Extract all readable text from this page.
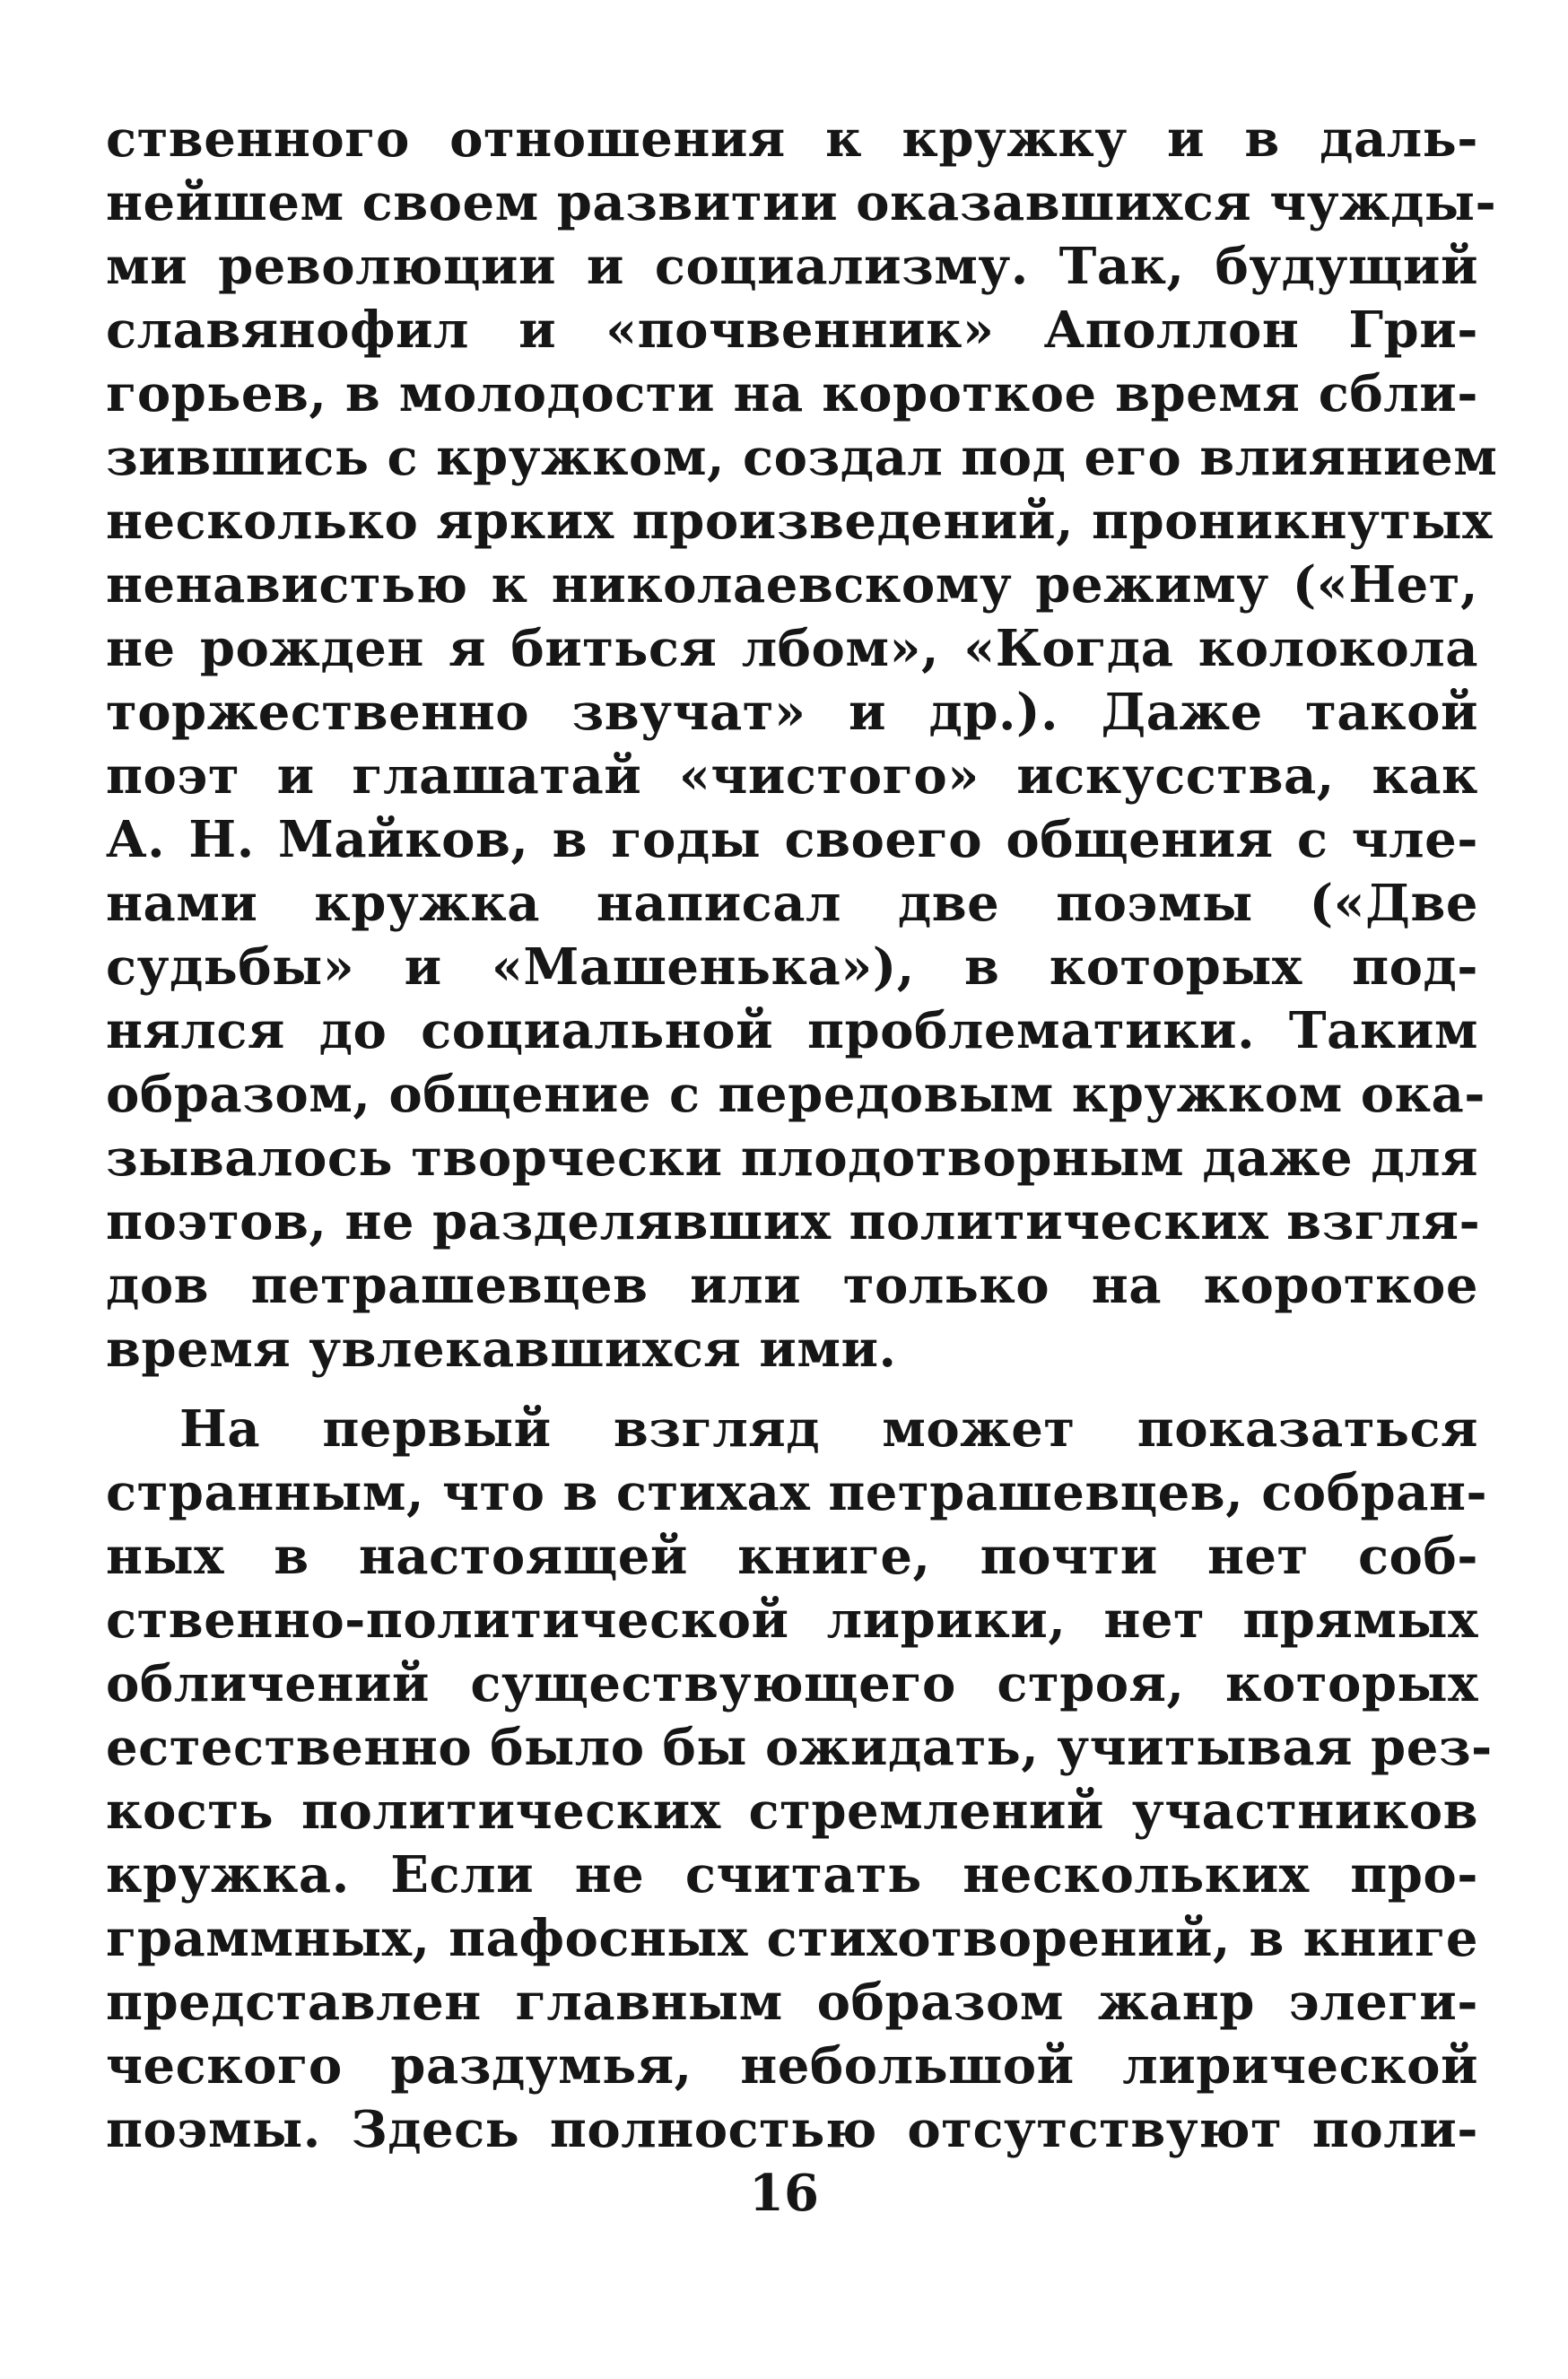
ственного отношения к кружку и в даль-
нейшем своем развитии оказавшихся чужды-
ми революции и социализму. Так, будущий
славянофил и «почвенник» Аполлон Гри-
горьев, в молодости на короткое время сбли-
зившись с кружком, создал под его влиянием
несколько ярких произведений, проникнутых
ненавистью к николаевскому режиму («Нет,
не рожден я биться лбом», «Когда колокола
торжественно звучат» и др.). Даже такой
поэт и глашатай «чистого» искусства, как
А. Н. Майков, в годы своего общения с чле-
нами кружка написал две поэмы («Две
судьбы» и «Машенька»), в которых под-
нялся до социальной проблематики. Таким
образом, общение с передовым кружком ока-
зывалось творчески плодотворным даже для
поэтов, не разделявших политических взгля-
дов петрашевцев или только на короткое
время увлекавшихся ими.
На первый взгляд может показаться
странным, что в стихах петрашевцев, собран-
ных в настоящей книге, почти нет соб-
ственно-политической лирики, нет прямых
обличений существующего строя, которых
естественно было бы ожидать, учитывая рез-
кость политических стремлений участников
кружка. Если не считать нескольких про-
граммных, пафосных стихотворений, в книге
представлен главным образом жанр элеги-
ческого раздумья, небольшой лирической
поэмы. Здесь полностью отсутствуют поли-
16
